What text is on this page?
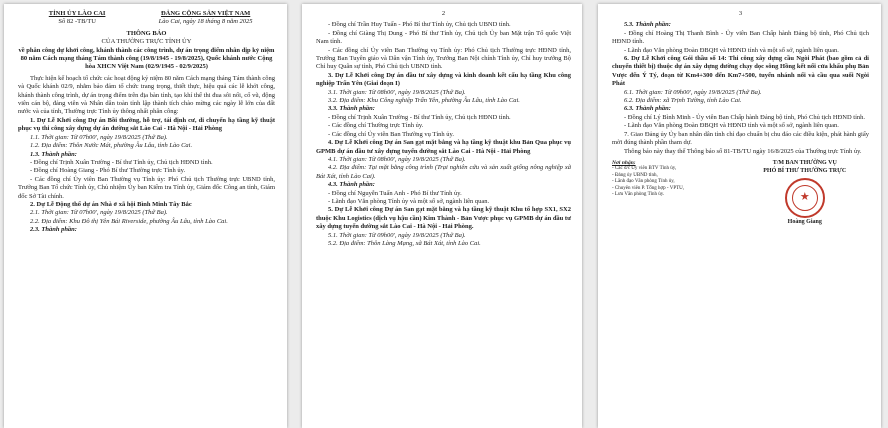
TỈNH ỦY LÀO CAI
Số 82 -TB/TU
ĐẢNG CỘNG SẢN VIỆT NAM
Lào Cai, ngày 18 tháng 8 năm 2025
THÔNG BÁO
CỦA THƯỜNG TRỰC TỈNH ỦY
về phân công dự khởi công, khánh thành các công trình, dự án trọng điểm nhân dịp kỷ niệm 80 năm Cách mạng tháng Tám thành công (19/8/1945 - 19/8/2025), Quốc khánh nước Cộng hòa XHCN Việt Nam (02/9/1945 - 02/9/2025)
Thực hiện kế hoạch tổ chức các hoạt động kỷ niệm 80 năm Cách mạng tháng Tám thành công và Quốc khánh 02/9, nhằm bảo đảm tổ chức trang trọng, thiết thực, hiệu quả các lễ khởi công, khánh thành công trình, dự án trọng điểm trên địa bàn tỉnh, tạo khí thế thi đua sôi nổi, cổ vũ, động viên cán bộ, đảng viên và Nhân dân toàn tỉnh lập thành tích chào mừng các ngày lễ lớn của đất nước và của tỉnh, Thường trực Tỉnh ủy thông nhất phân công:
1. Dự Lễ Khởi công Dự án Bồi thường, hỗ trợ, tái định cư, di chuyển hạ tầng kỹ thuật phục vụ thi công xây dựng dự án đường sắt Lào Cai - Hà Nội - Hải Phòng
1.1. Thời gian: Từ 07h00', ngày 19/8/2025 (Thứ Ba).
1.2. Địa điểm: Thôn Nước Mát, phường Âu Lâu, tỉnh Lào Cai.
1.3. Thành phần:
- Đồng chí Trịnh Xuân Trường - Bí thư Tỉnh ủy, Chủ tịch HĐND tỉnh.
- Đồng chí Hoàng Giang - Phó Bí thư Thường trực Tỉnh ủy.
- Các đồng chí Ủy viên Ban Thường vụ Tỉnh ủy: Phó Chủ tịch Thường trực UBND tỉnh, Trưởng Ban Tổ chức Tỉnh ủy, Chủ nhiệm Ủy ban Kiểm tra Tỉnh ủy, Giám đốc Công an tỉnh, Giám đốc Sở Tài chính.
2. Dự Lễ Động thổ dự án Nhà ở xã hội Bình Minh Tây Bắc
2.1. Thời gian: Từ 07h00', ngày 19/8/2025 (Thứ Ba).
2.2. Địa điểm: Khu Đô thị Yên Bái Riverside, phường Âu Lâu, tỉnh Lào Cai.
2.3. Thành phần:
2
- Đồng chí Trần Huy Tuấn - Phó Bí thư Tỉnh ủy, Chủ tịch UBND tỉnh.
- Đồng chí Giàng Thị Dung - Phó Bí thư Tỉnh ủy, Chủ tịch Ủy ban Mặt trận Tổ quốc Việt Nam tỉnh.
- Các đồng chí Ủy viên Ban Thường vụ Tỉnh ủy: Phó Chủ tịch Thường trực HĐND tỉnh, Trưởng Ban Tuyên giáo và Dân vận Tỉnh ủy, Trưởng Ban Nội chính Tỉnh ủy, Chỉ huy trưởng Bộ Chỉ huy Quân sự tỉnh, Phó Chủ tịch UBND tỉnh.
3. Dự Lễ Khởi công Dự án đầu tư xây dựng và kinh doanh kết cấu hạ tầng Khu công nghiệp Trấn Yên (Giai đoạn I)
3.1. Thời gian: Từ 08h00', ngày 19/8/2025 (Thứ Ba).
3.2. Địa điểm: Khu Công nghiệp Trấn Yên, phường Âu Lâu, tỉnh Lào Cai.
3.3. Thành phần:
- Đồng chí Trịnh Xuân Trường - Bí thư Tỉnh ủy, Chủ tịch HĐND tỉnh.
- Các đồng chí Thường trực Tỉnh ủy.
- Các đồng chí Ủy viên Ban Thường vụ Tỉnh ủy.
4. Dự Lễ Khởi công Dự án San gạt mặt bằng và hạ tầng kỹ thuật khu Bản Qua phục vụ GPMB dự án đầu tư xây dựng tuyến đường sắt Lào Cai - Hà Nội - Hải Phòng
4.1. Thời gian: Từ 08h00', ngày 19/8/2025 (Thứ Ba).
4.2. Địa điểm: Tại mặt bằng công trình (Trại nghiên cứu và sản xuất giống nông nghiệp xã Bát Xát, tỉnh Lào Cai).
4.3. Thành phần:
- Đồng chí Nguyễn Tuấn Anh - Phó Bí thư Tỉnh ủy.
- Lãnh đạo Văn phòng Tỉnh ủy và một số sở, ngành liên quan.
5. Dự Lễ Khởi công Dự án San gạt mặt bằng và hạ tầng kỹ thuật Khu tổ hợp SX1, SX2 thuộc Khu Logistics (dịch vụ hậu cần) Kim Thành - Bản Vược phục vụ GPMB dự án đầu tư xây dựng tuyến đường sắt Lào Cai - Hà Nội - Hải Phòng.
5.1. Thời gian: Từ 09h00', ngày 19/8/2025 (Thứ Ba).
5.2. Địa điểm: Thôn Làng Mạng, xã Bát Xát, tỉnh Lào Cai.
3
5.3. Thành phần:
- Đồng chí Hoàng Thị Thanh Bình - Ủy viên Ban Chấp hành Đảng bộ tỉnh, Phó Chủ tịch HĐND tỉnh.
- Lãnh đạo Văn phòng Đoàn ĐBQH và HĐND tỉnh và một số sở, ngành liên quan.
6. Dự Lễ Khởi công Gói thầu số 14: Thi công xây dựng cầu Ngòi Phát (bao gồm cả di chuyển thiết bị) thuộc dự án xây dựng đường chạy dọc sông Hồng kết nối cửa khẩu phụ Bản Vược đến Ý Tý, đoạn từ Km4+300 đến Km7+500, tuyến nhánh nối và cầu qua suối Ngòi Phát
6.1. Thời gian: Từ 09h00', ngày 19/8/2025 (Thứ Ba).
6.2. Địa điểm: xã Trịnh Tường, tỉnh Lào Cai.
6.3. Thành phần:
- Đồng chí Lý Bình Minh - Ủy viên Ban Chấp hành Đảng bộ tỉnh, Phó Chủ tịch HĐND tỉnh.
- Lãnh đạo Văn phòng Đoàn ĐBQH và HĐND tỉnh và một số sở, ngành liên quan.
7. Giao Đảng ủy Ủy ban nhân dân tỉnh chỉ đạo chuẩn bị chu đáo các điều kiện, phát hành giấy mời đúng thành phần tham dự.
Thông báo này thay thế Thông báo số 81-TB/TU ngày 16/8/2025 của Thường trực Tỉnh ủy.
Nơi nhận:
- Các đ/c Ủy viên BTV Tỉnh ủy,
- Đảng ủy UBND tỉnh,
- Lãnh đạo Văn phòng Tỉnh ủy,
- Chuyên viên P. Tổng hợp - VPTU,
- Lưu Văn phòng Tỉnh ủy.
T/M BAN THƯỜNG VỤ
PHÓ BÍ THƯ THƯỜNG TRỰC
★
Hoàng Giang
